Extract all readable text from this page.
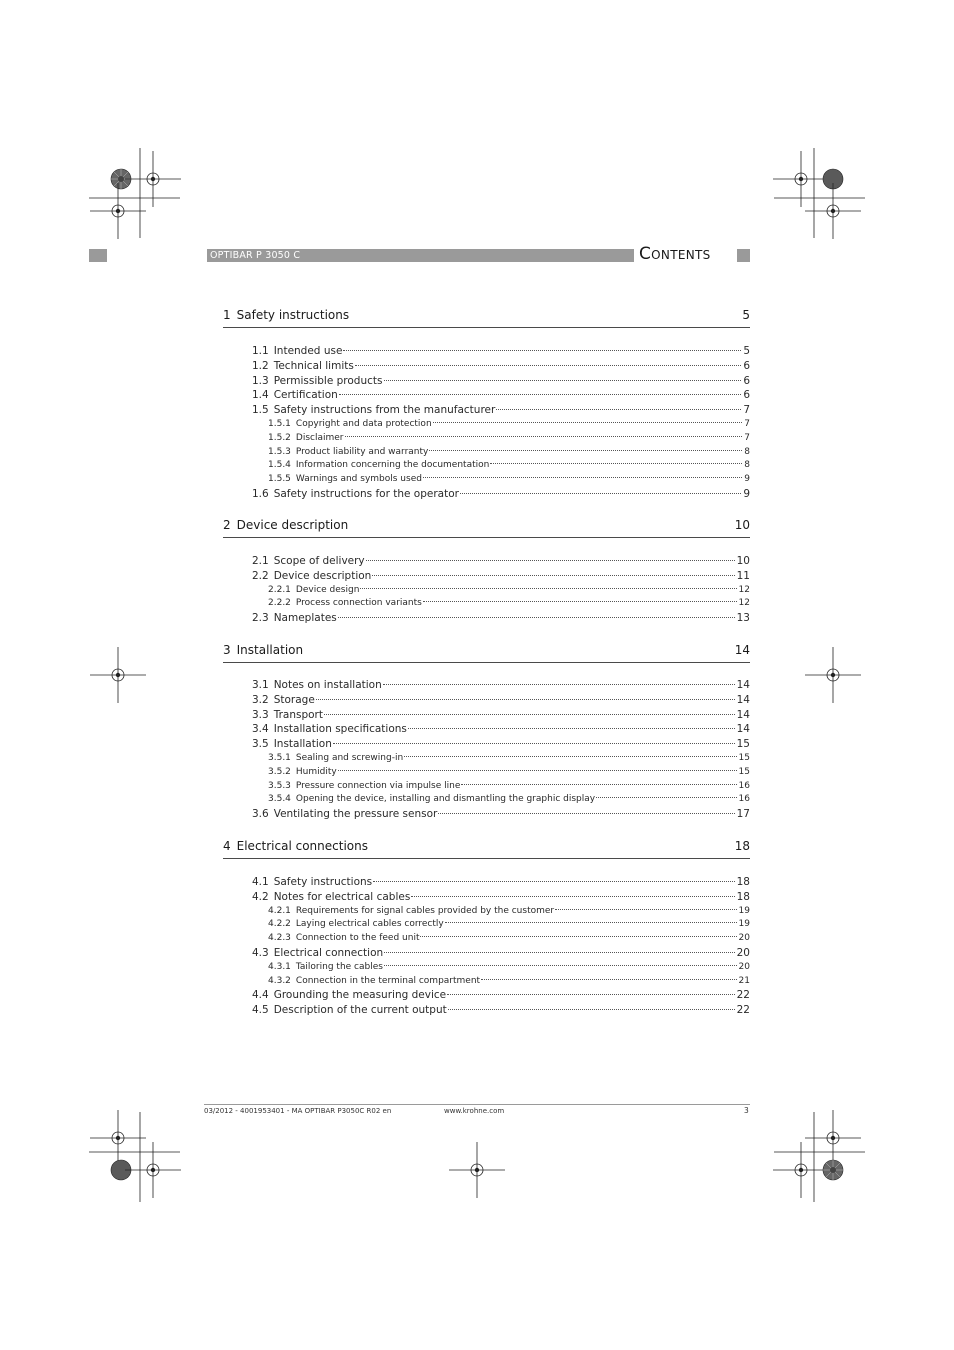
OPTIBAR P 3050 C	Contents
1 Safety instructions	5
1.1 Intended use	5
1.2 Technical limits	6
1.3 Permissible products	6
1.4 Certification	6
1.5 Safety instructions from the manufacturer	7
1.5.1 Copyright and data protection	7
1.5.2 Disclaimer	7
1.5.3 Product liability and warranty	8
1.5.4 Information concerning the documentation	8
1.5.5 Warnings and symbols used	9
1.6 Safety instructions for the operator	9
2 Device description	10
2.1 Scope of delivery	10
2.2 Device description	11
2.2.1 Device design	12
2.2.2 Process connection variants	12
2.3 Nameplates	13
3 Installation	14
3.1 Notes on installation	14
3.2 Storage	14
3.3 Transport	14
3.4 Installation specifications	14
3.5 Installation	15
3.5.1 Sealing and screwing-in	15
3.5.2 Humidity	15
3.5.3 Pressure connection via impulse line	16
3.5.4 Opening the device, installing and dismantling the graphic display	16
3.6 Ventilating the pressure sensor	17
4 Electrical connections	18
4.1 Safety instructions	18
4.2 Notes for electrical cables	18
4.2.1 Requirements for signal cables provided by the customer	19
4.2.2 Laying electrical cables correctly	19
4.2.3 Connection to the feed unit	20
4.3 Electrical connection	20
4.3.1 Tailoring the cables	20
4.3.2 Connection in the terminal compartment	21
4.4 Grounding the measuring device	22
4.5 Description of the current output	22
03/2012 - 4001953401 - MA OPTIBAR P3050C R02 en	www.krohne.com	3
